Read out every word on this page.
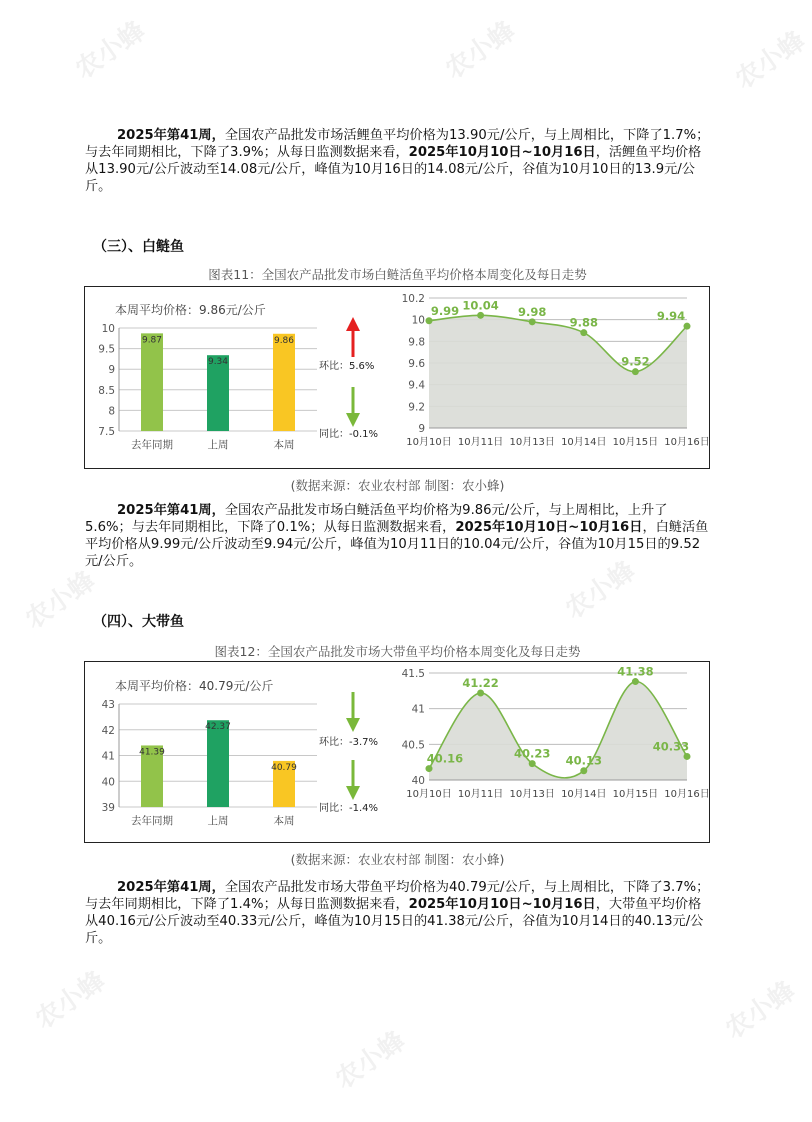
农小蜂	农小蜂	农小蜂
农小蜂	农小蜂
农小蜂
农小蜂
农小蜂

2025年第41周，全国农产品批发市场活鲤鱼平均价格为13.90元/公斤，与上周相比，下降了1.7%；与去年同期相比，下降了3.9%；从每日监测数据来看，2025年10月10日~10月16日，活鲤鱼平均价格从13.90元/公斤波动至14.08元/公斤，峰值为10月16日的14.08元/公斤，谷值为10月10日的13.9元/公斤。

（三）、白鲢鱼
图表11：全国农产品批发市场白鲢活鱼平均价格本周变化及每日走势
本周平均价格：9.86元/公斤
7.5
8
8.5
9
9.5
10
9.87
去年同期
9.34
上周
9.86
本周
环比：5.6%
同比：-0.1%	9
9.2
9.4
9.6
9.8
10
10.2
9.99
10月10日
10.04
10月11日
9.98
10月13日
9.88
10月14日
9.52
10月15日
9.94
10月16日
(数据来源：农业农村部 制图：农小蜂)

2025年第41周，全国农产品批发市场白鲢活鱼平均价格为9.86元/公斤，与上周相比，上升了5.6%；与去年同期相比，下降了0.1%；从每日监测数据来看，2025年10月10日~10月16日，白鲢活鱼平均价格从9.99元/公斤波动至9.94元/公斤，峰值为10月11日的10.04元/公斤，谷值为10月15日的9.52元/公斤。

（四）、大带鱼
图表12：全国农产品批发市场大带鱼平均价格本周变化及每日走势
本周平均价格：40.79元/公斤
39
40
41
42
43
41.39
去年同期
42.37
上周
40.79
本周
环比：-3.7%
同比：-1.4%
40
40.5
41
41.5
40.16
10月10日
41.22
10月11日
40.23
10月13日
40.13
10月14日
41.38
10月15日
40.33
10月16日
(数据来源：农业农村部 制图：农小蜂)

2025年第41周，全国农产品批发市场大带鱼平均价格为40.79元/公斤，与上周相比，下降了3.7%；与去年同期相比，下降了1.4%；从每日监测数据来看，2025年10月10日~10月16日，大带鱼平均价格从40.16元/公斤波动至40.33元/公斤，峰值为10月15日的41.38元/公斤，谷值为10月14日的40.13元/公斤。
